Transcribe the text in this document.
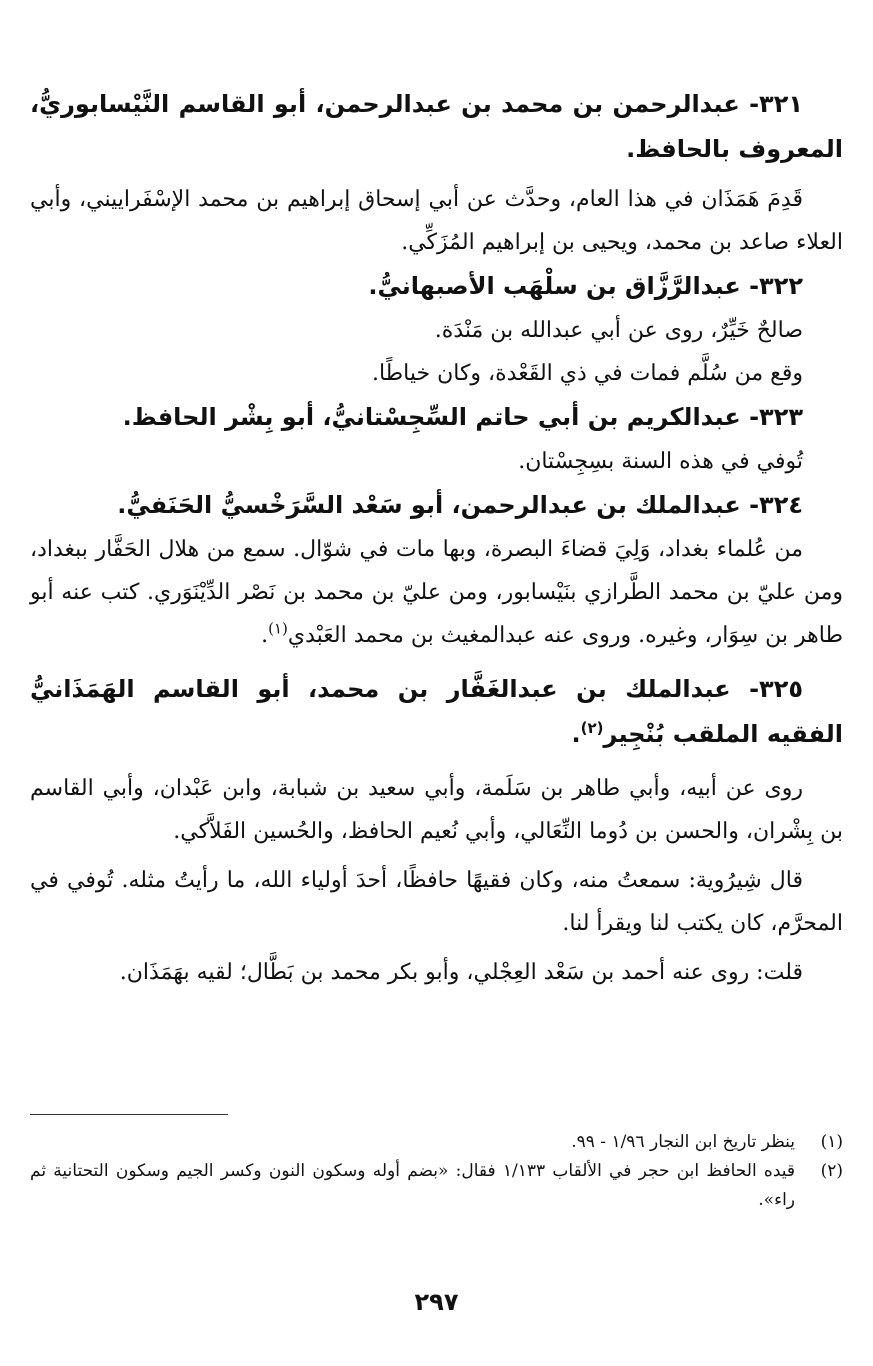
٣٢١- عبدالرحمن بن محمد بن عبدالرحمن، أبو القاسم النَّيْسابوريُّ، المعروف بالحافظ.

قَدِمَ هَمَذَان في هذا العام، وحدَّث عن أبي إسحاق إبراهيم بن محمد الإسْفَراييني، وأبي العلاء صاعد بن محمد، ويحيى بن إبراهيم المُزَكِّي.

٣٢٢- عبدالرَّزَّاق بن سلْهَب الأصبهانيُّ.

صالحٌ خَيِّرٌ، روى عن أبي عبدالله بن مَنْدَة.

وقع من سُلَّم فمات في ذي القَعْدة، وكان خياطًا.

٣٢٣- عبدالكريم بن أبي حاتم السِّجِسْتانيُّ، أبو بِشْر الحافظ.

تُوفي في هذه السنة بسِجِسْتان.

٣٢٤- عبدالملك بن عبدالرحمن، أبو سَعْد السَّرَخْسيُّ الحَنَفيُّ.

من عُلماء بغداد، وَلِيَ قضاءَ البصرة، وبها مات في شوّال. سمع من هلال الحَفَّار ببغداد، ومن عليّ بن محمد الطَّرازي بنَيْسابور، ومن عليّ بن محمد بن نَصْر الدِّيْنَوَري. كتب عنه أبو طاهر بن سِوَار، وغيره. وروى عنه عبدالمغيث بن محمد العَبْدي$^{(١)}$.

٣٢٥- عبدالملك بن عبدالغَفَّار بن محمد، أبو القاسم الهَمَذَانيُّ الفقيه الملقب بُنْجِير$^{(٢)}$.

روى عن أبيه، وأبي طاهر بن سَلَمة، وأبي سعيد بن شبابة، وابن عَبْدان، وأبي القاسم بن بِشْران، والحسن بن دُوما النِّعَالي، وأبي نُعيم الحافظ، والحُسين الفَلاَّكي.

قال شِيرُوية: سمعتُ منه، وكان فقيهًا حافظًا، أحدَ أولياء الله، ما رأيتُ مثله. تُوفي في المحرَّم، كان يكتب لنا ويقرأ لنا.

قلت: روى عنه أحمد بن سَعْد العِجْلي، وأبو بكر محمد بن بَطَّال؛ لقيه بهَمَذَان.

(١)
ينظر تاريخ ابن النجار ١/٩٦ - ٩٩.

(٢)
قيده الحافظ ابن حجر في الألقاب ١/١٣٣ فقال: «بضم أوله وسكون النون وكسر الجيم وسكون التحتانية ثم راء».

٢٩٧
